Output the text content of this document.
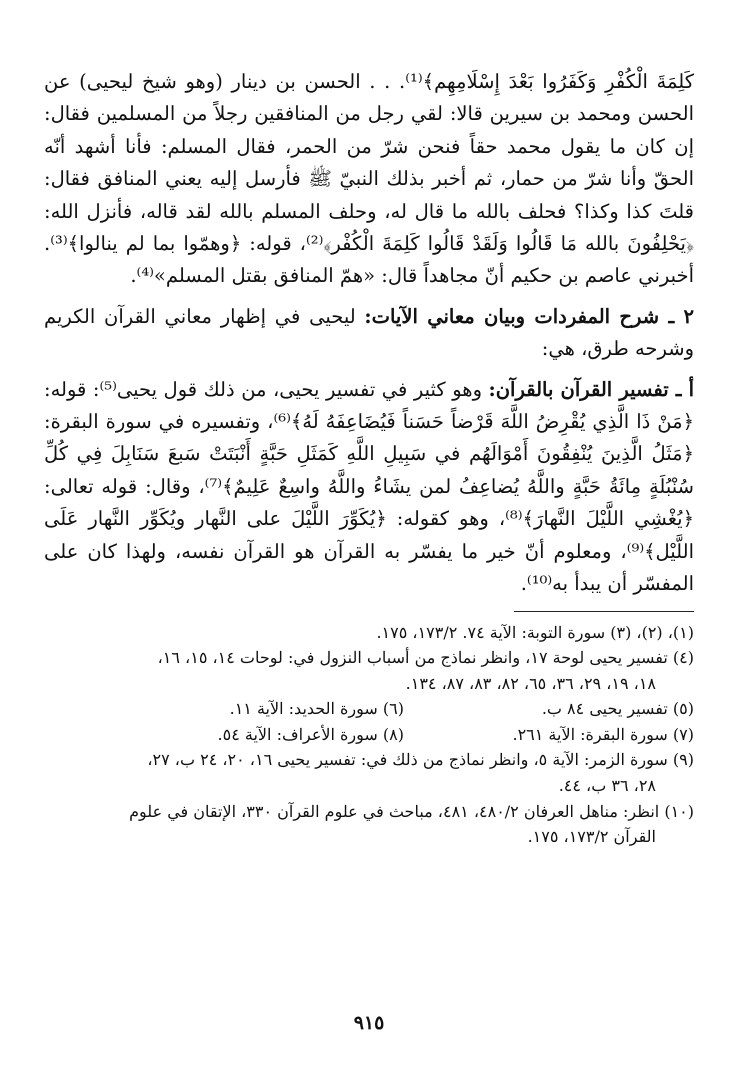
كَلِمَةَ الْكُفْرِ وَكَفَرُوا بَعْدَ إِسْلَامِهِم﴾⁽¹⁾. . . الحسن بن دينار (وهو شيخ ليحيى) عن الحسن ومحمد بن سيرين قالا: لقي رجل من المنافقين رجلاً من المسلمين فقال: إن كان ما يقول محمد حقاً فنحن شرّ من الحمر، فقال المسلم: فأنا أشهد أنّه الحقّ وأنا شرّ من حمار، ثم أخبر بذلك النبيّ ﷺ فأرسل إليه يعني المنافق فقال: قلتَ كذا وكذا؟ فحلف بالله ما قال له، وحلف المسلم بالله لقد قاله، فأنزل الله: ﴿يَحْلِفُونَ بالله مَا قَالُوا وَلَقَدْ قَالُوا كَلِمَةَ الْكُفْر﴾⁽²⁾، قوله: ﴿وهمّوا بما لم ينالوا﴾⁽³⁾. أخبرني عاصم بن حكيم أنّ مجاهداً قال: «همّ المنافق بقتل المسلم»⁽⁴⁾.

٢ ـ شرح المفردات وبيان معاني الآيات: ليحيى في إظهار معاني القرآن الكريم وشرحه طرق، هي:

أ ـ تفسير القرآن بالقرآن: وهو كثير في تفسير يحيى، من ذلك قول يحيى⁽⁵⁾: قوله: ﴿مَنْ ذَا الَّذِي يُقْرِضُ اللَّهَ قَرْضاً حَسَناً فَيُضَاعِفَهُ لَهُ﴾⁽⁶⁾، وتفسيره في سورة البقرة: ﴿مَثَلُ الَّذِينَ يُنْفِقُونَ أَمْوَالَهُم في سَبِيلِ اللَّهِ كَمَثَلِ حَبَّةٍ أَنْبَتَتْ سَبعَ سَنَابِلَ فِي كُلِّ سُنْبُلَةٍ مِائَةُ حَبَّةٍ واللَّهُ يُضاعِفُ لمن يشَاءُ واللَّهُ واسِعٌ عَلِيمٌ﴾⁽⁷⁾، وقال: قوله تعالى: ﴿يُغْشِي اللَّيْلَ النَّهارَ﴾⁽⁸⁾، وهو كقوله: ﴿يُكَوِّرَ اللَّيْلَ على النَّهار ويُكَوِّر النَّهار عَلَى اللَّيْل﴾⁽⁹⁾، ومعلوم أنّ خير ما يفسّر به القرآن هو القرآن نفسه، ولهذا كان على المفسّر أن يبدأ به⁽¹⁰⁾.

(١)، (٢)، (٣) سورة التوبة: الآية ٧٤. ١٧٣/٢، ١٧٥.

(٤) تفسير يحيى لوحة ١٧، وانظر نماذج من أسباب النزول في: لوحات ١٤، ١٥، ١٦،

١٨، ١٩، ٢٩، ٣٦، ٦٥، ٨٢، ٨٣، ٨٧، ١٣٤.

(٥) تفسير يحيى ٨٤ ب.
(٦) سورة الحديد: الآية ١١.
(٧) سورة البقرة: الآية ٢٦١.
(٨) سورة الأعراف: الآية ٥٤.

(٩) سورة الزمر: الآية ٥، وانظر نماذج من ذلك في: تفسير يحيى ١٦، ٢٠، ٢٤ ب، ٢٧،

٢٨، ٣٦ ب، ٤٤.

(١٠) انظر: مناهل العرفان ٤٨٠/٢، ٤٨١، مباحث في علوم القرآن ٣٣٠، الإتقان في علوم

القرآن ١٧٣/٢، ١٧٥.

٩١٥
